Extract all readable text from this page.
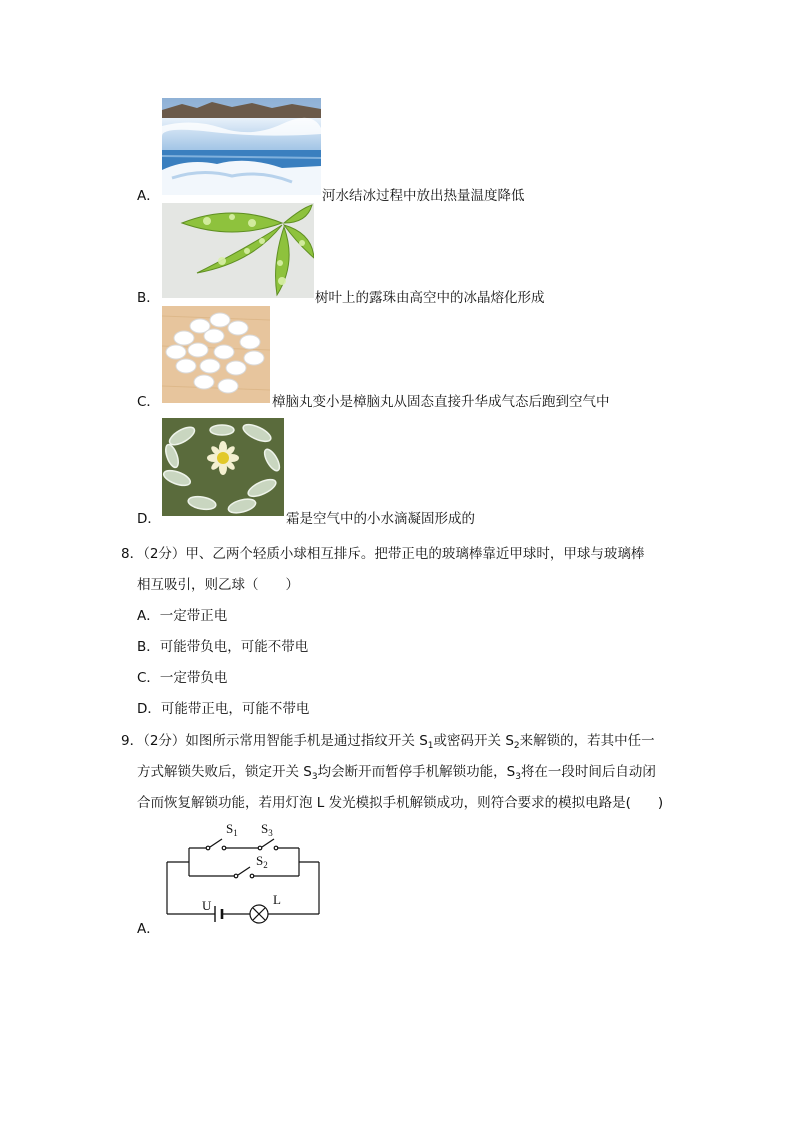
A．	河水结冰过程中放出热量温度降低
B．	树叶上的露珠由高空中的冰晶熔化形成
C．	樟脑丸变小是樟脑丸从固态直接升华成气态后跑到空气中
D．	霜是空气中的小水滴凝固形成的
8．（2分）甲、乙两个轻质小球相互排斥。把带正电的玻璃棒靠近甲球时，甲球与玻璃棒
相互吸引，则乙球（　　）
A．一定带正电
B．可能带负电，可能不带电
C．一定带负电
D．可能带正电，可能不带电
9．（2分）如图所示常用智能手机是通过指纹开关 $S_1$或密码开关 $S_2$来解锁的，若其中任一
方式解锁失败后，锁定开关 $S_3$均会断开而暂停手机解锁功能，$S_3$将在一段时间后自动闭
合而恢复解锁功能，若用灯泡 L 发光模拟手机解锁成功，则符合要求的模拟电路是(　　)
A．
$S_1$ $S_3$
$S_2$
U	L
